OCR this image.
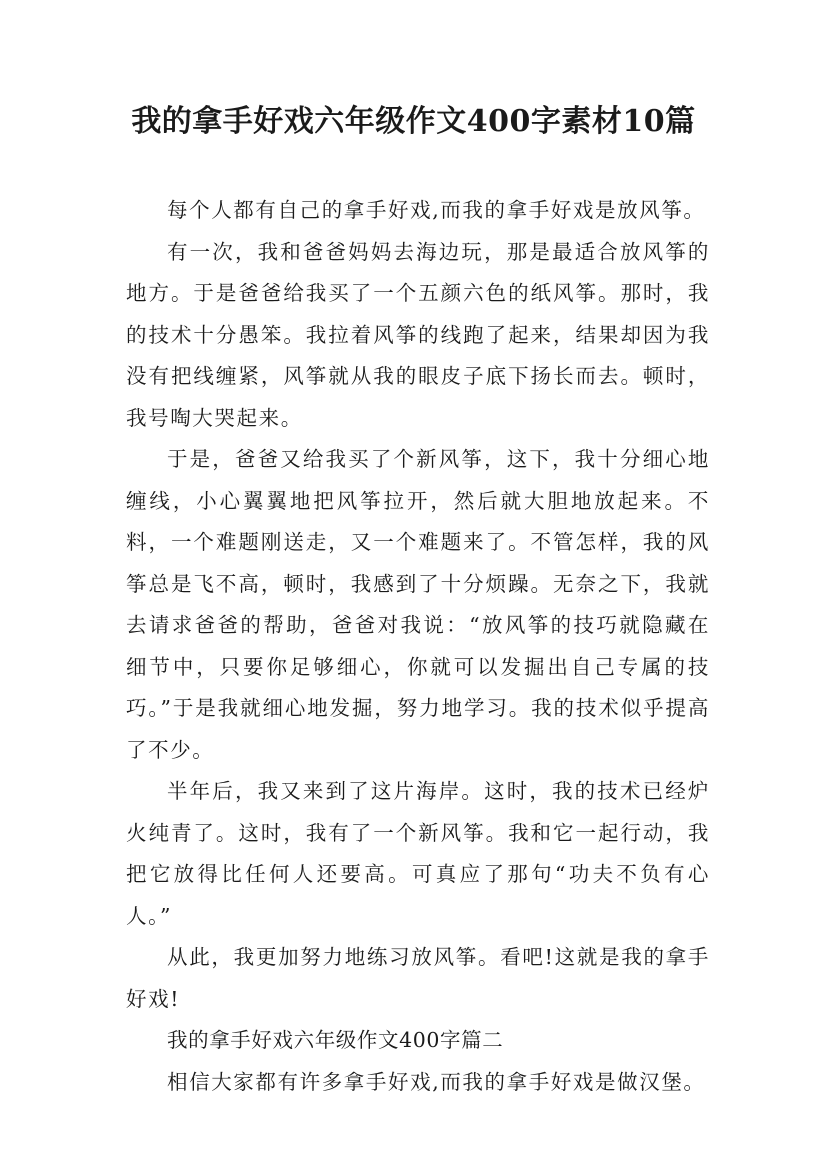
我的拿手好戏六年级作文400字素材10篇

每个人都有自己的拿手好戏,而我的拿手好戏是放风筝。

有一次，我和爸爸妈妈去海边玩，那是最适合放风筝的地方。于是爸爸给我买了一个五颜六色的纸风筝。那时，我的技术十分愚笨。我拉着风筝的线跑了起来，结果却因为我没有把线缠紧，风筝就从我的眼皮子底下扬长而去。顿时，我号啕大哭起来。

于是，爸爸又给我买了个新风筝，这下，我十分细心地缠线，小心翼翼地把风筝拉开，然后就大胆地放起来。不料，一个难题刚送走，又一个难题来了。不管怎样，我的风筝总是飞不高，顿时，我感到了十分烦躁。无奈之下，我就去请求爸爸的帮助，爸爸对我说：“放风筝的技巧就隐藏在细节中，只要你足够细心，你就可以发掘出自己专属的技巧。”于是我就细心地发掘，努力地学习。我的技术似乎提高了不少。

半年后，我又来到了这片海岸。这时，我的技术已经炉火纯青了。这时，我有了一个新风筝。我和它一起行动，我把它放得比任何人还要高。可真应了那句“功夫不负有心人。”

从此，我更加努力地练习放风筝。看吧!这就是我的拿手好戏!

我的拿手好戏六年级作文400字篇二

相信大家都有许多拿手好戏,而我的拿手好戏是做汉堡。
